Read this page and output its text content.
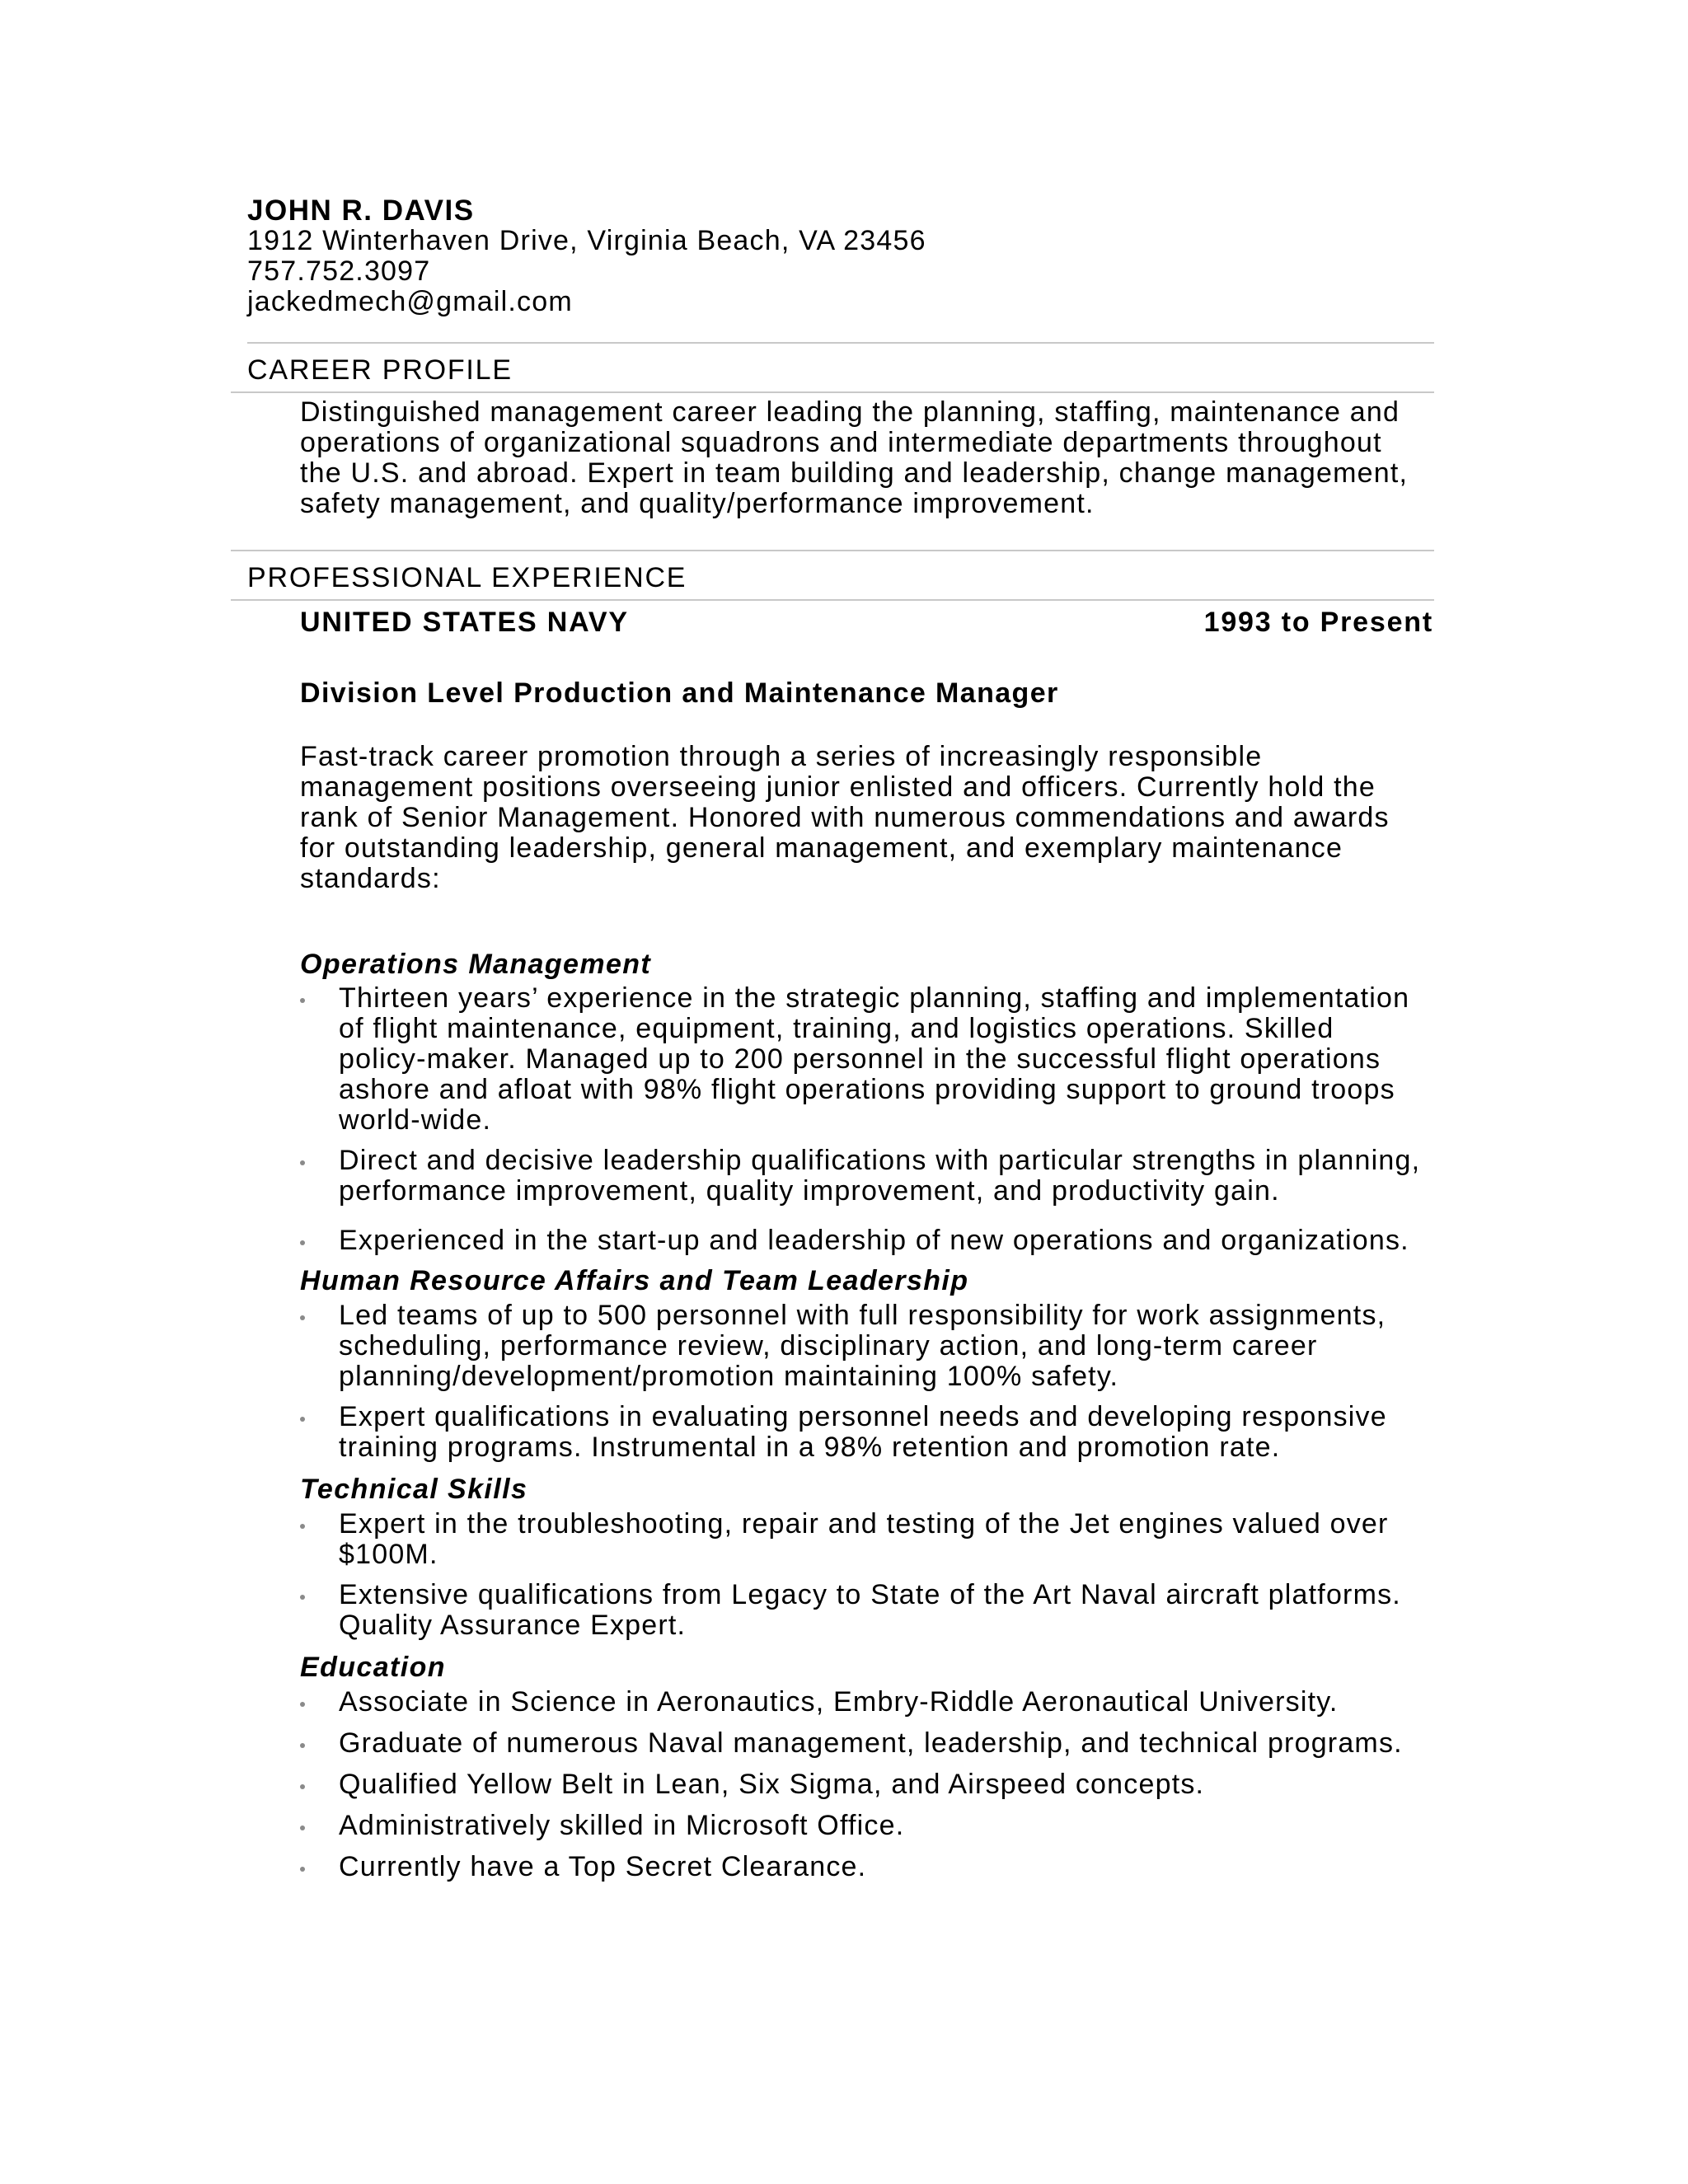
JOHN R. DAVIS
1912 Winterhaven Drive, Virginia Beach, VA 23456
757.752.3097
jackedmech@gmail.com
CAREER PROFILE
Distinguished management career leading the planning, staffing, maintenance and
operations of organizational squadrons and intermediate departments throughout
the U.S. and abroad. Expert in team building and leadership, change management,
safety management, and quality/performance improvement.
PROFESSIONAL EXPERIENCE
UNITED STATES NAVY	1993 to Present
Division Level Production and Maintenance Manager
Fast-track career promotion through a series of increasingly responsible
management positions overseeing junior enlisted and officers. Currently hold the
rank of Senior Management. Honored with numerous commendations and awards
for outstanding leadership, general management, and exemplary maintenance
standards:
Operations Management
Thirteen years’ experience in the strategic planning, staffing and implementation
of flight maintenance, equipment, training, and logistics operations. Skilled
policy-maker. Managed up to 200 personnel in the successful flight operations
ashore and afloat with 98% flight operations providing support to ground troops
world-wide.
Direct and decisive leadership qualifications with particular strengths in planning,
performance improvement, quality improvement, and productivity gain.
Experienced in the start-up and leadership of new operations and organizations.
Human Resource Affairs and Team Leadership
Led teams of up to 500 personnel with full responsibility for work assignments,
scheduling, performance review, disciplinary action, and long-term career
planning/development/promotion maintaining 100% safety.
Expert qualifications in evaluating personnel needs and developing responsive
training programs. Instrumental in a 98% retention and promotion rate.
Technical Skills
Expert in the troubleshooting, repair and testing of the Jet engines valued over
$100M.
Extensive qualifications from Legacy to State of the Art Naval aircraft platforms.
Quality Assurance Expert.
Education
Associate in Science in Aeronautics, Embry-Riddle Aeronautical University.
Graduate of numerous Naval management, leadership, and technical programs.
Qualified Yellow Belt in Lean, Six Sigma, and Airspeed concepts.
Administratively skilled in Microsoft Office.
Currently have a Top Secret Clearance.
